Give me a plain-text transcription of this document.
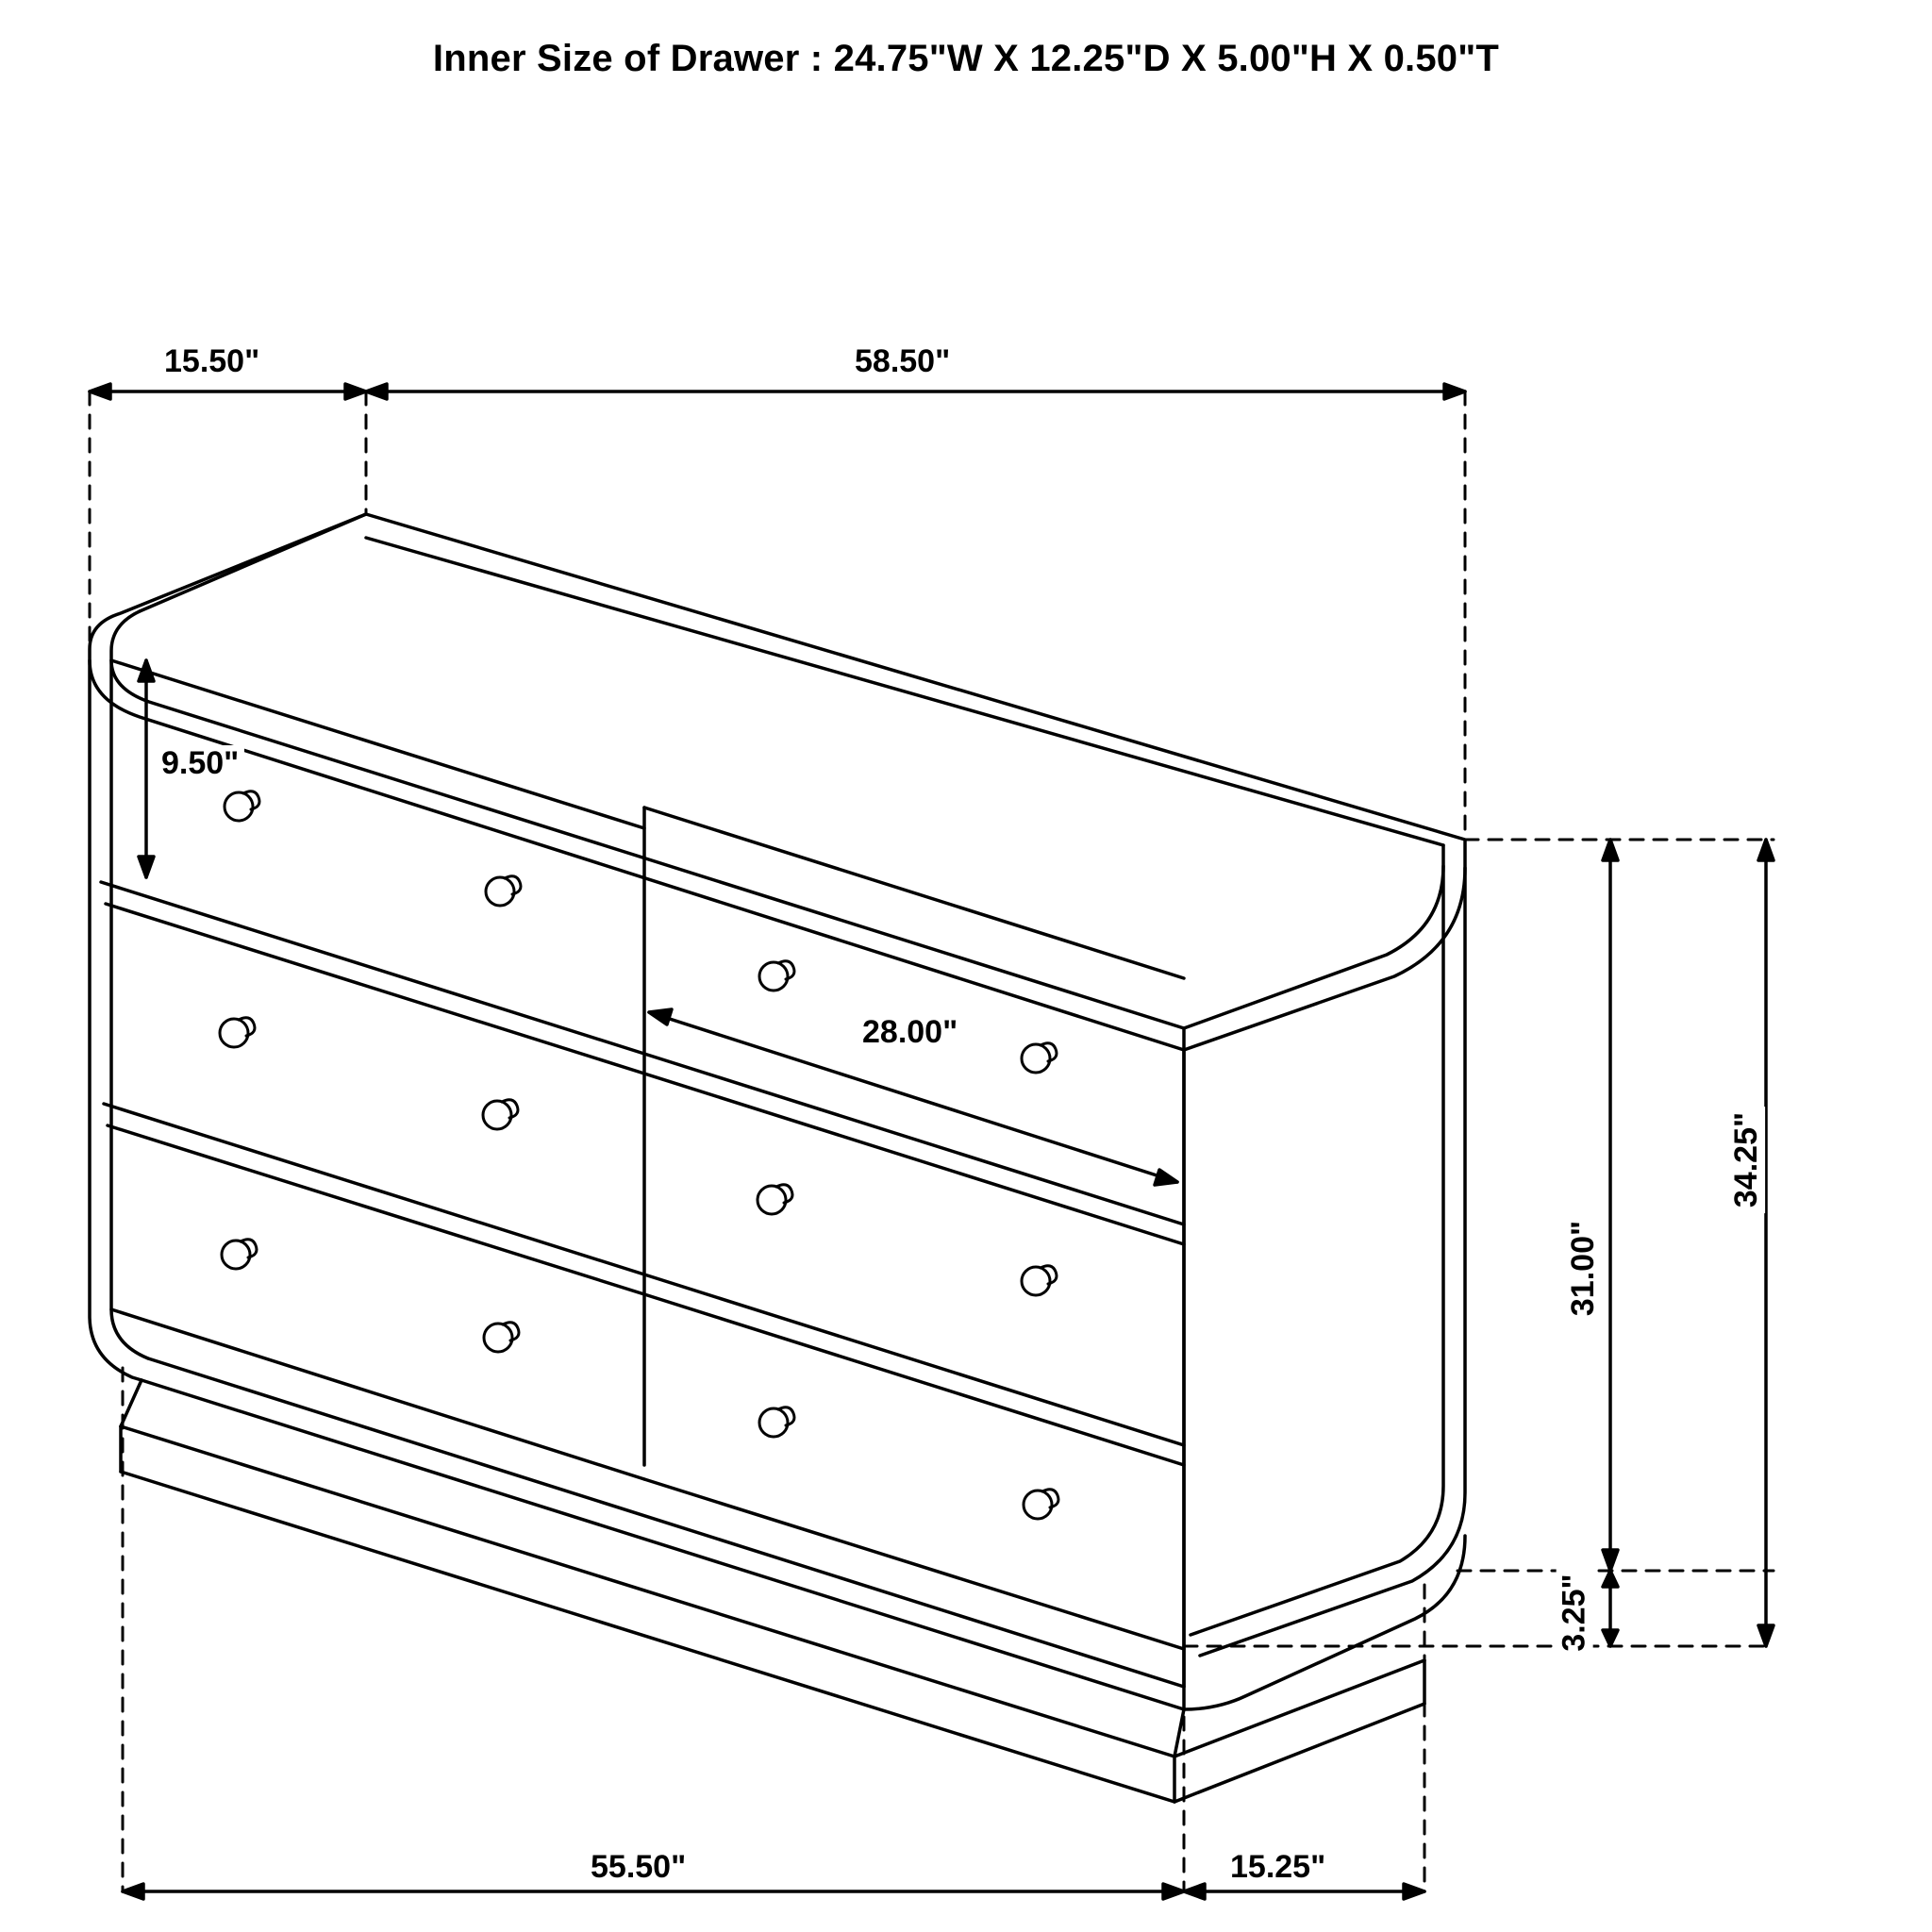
Inner Size of Drawer : 24.75"W X 12.25"D X 5.00"H X 0.50"T
15.50"	58.50"
9.50"
28.00"
34.25"
31.00"
3.25"
55.50"	15.25"
